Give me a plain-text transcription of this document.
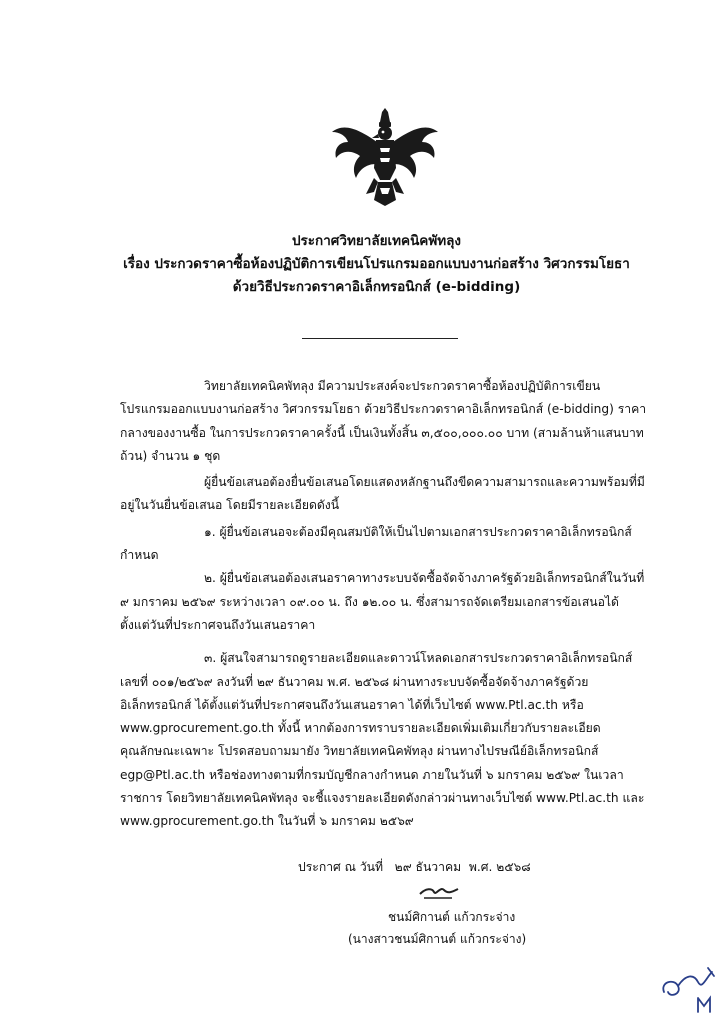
ประกาศวิทยาลัยเทคนิคพัทลุง
เรื่อง ประกวดราคาซื้อห้องปฏิบัติการเขียนโปรแกรมออกแบบงานก่อสร้าง วิศวกรรมโยธา
ด้วยวิธีประกวดราคาอิเล็กทรอนิกส์ (e-bidding)

วิทยาลัยเทคนิคพัทลุง มีความประสงค์จะประกวดราคาซื้อห้องปฏิบัติการเขียนโปรแกรมออกแบบงานก่อสร้าง วิศวกรรมโยธา ด้วยวิธีประกวดราคาอิเล็กทรอนิกส์ (e-bidding) ราคากลางของงานซื้อ ในการประกวดราคาครั้งนี้ เป็นเงินทั้งสิ้น ๓,๕๐๐,๐๐๐.๐๐ บาท (สามล้านห้าแสนบาทถ้วน) จำนวน ๑ ชุด

ผู้ยื่นข้อเสนอต้องยื่นข้อเสนอโดยแสดงหลักฐานถึงขีดความสามารถและความพร้อมที่มีอยู่ในวันยื่นข้อเสนอ โดยมีรายละเอียดดังนี้

๑. ผู้ยื่นข้อเสนอจะต้องมีคุณสมบัติให้เป็นไปตามเอกสารประกวดราคาอิเล็กทรอนิกส์กำหนด

๒. ผู้ยื่นข้อเสนอต้องเสนอราคาทางระบบจัดซื้อจัดจ้างภาครัฐด้วยอิเล็กทรอนิกส์ในวันที่ ๙ มกราคม ๒๕๖๙ ระหว่างเวลา ๐๙.๐๐ น. ถึง ๑๒.๐๐ น. ซึ่งสามารถจัดเตรียมเอกสารข้อเสนอได้ตั้งแต่วันที่ประกาศจนถึงวันเสนอราคา

๓. ผู้สนใจสามารถดูรายละเอียดและดาวน์โหลดเอกสารประกวดราคาอิเล็กทรอนิกส์เลขที่ ๐๐๑/๒๕๖๙ ลงวันที่ ๒๙ ธันวาคม พ.ศ. ๒๕๖๘ ผ่านทางระบบจัดซื้อจัดจ้างภาครัฐด้วยอิเล็กทรอนิกส์ ได้ตั้งแต่วันที่ประกาศจนถึงวันเสนอราคา ได้ที่เว็บไซต์ www.Ptl.ac.th หรือ www.gprocurement.go.th ทั้งนี้ หากต้องการทราบรายละเอียดเพิ่มเติมเกี่ยวกับรายละเอียดคุณลักษณะเฉพาะ โปรดสอบถามมายัง วิทยาลัยเทคนิคพัทลุง ผ่านทางไปรษณีย์อิเล็กทรอนิกส์ egp@Ptl.ac.th หรือช่องทางตามที่กรมบัญชีกลางกำหนด ภายในวันที่ ๖ มกราคม ๒๕๖๙ ในเวลาราชการ โดยวิทยาลัยเทคนิคพัทลุง จะชี้แจงรายละเอียดดังกล่าวผ่านทางเว็บไซต์ www.Ptl.ac.th และ www.gprocurement.go.th ในวันที่ ๖ มกราคม ๒๕๖๙

ประกาศ ณ วันที่   ๒๙ ธันวาคม  พ.ศ. ๒๕๖๘
ชนม์ศิกานต์ แก้วกระจ่าง
(นางสาวชนม์ศิกานต์ แก้วกระจ่าง)
